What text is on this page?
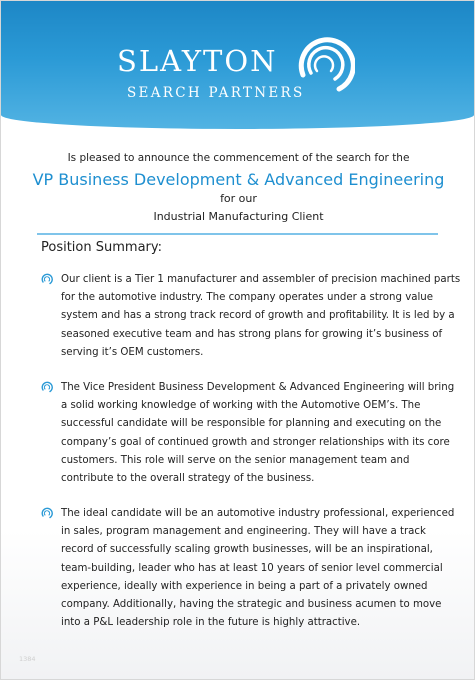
SLAYTON
SEARCH PARTNERS
Is pleased to announce the commencement of the search for the
VP Business Development & Advanced Engineering
for our
Industrial Manufacturing Client
Position Summary:

Our client is a Tier 1 manufacturer and assembler of precision machined parts for the automotive industry. The company operates under a strong value system and has a strong track record of growth and profitability. It is led by a seasoned executive team and has strong plans for growing it’s business of serving it’s OEM customers.

The Vice President Business Development & Advanced Engineering will bring a solid working knowledge of working with the Automotive OEM’s. The successful candidate will be responsible for planning and executing on the company’s goal of continued growth and stronger relationships with its core customers. This role will serve on the senior management team and contribute to the overall strategy of the business.

The ideal candidate will be an automotive industry professional, experienced in sales, program management and engineering. They will have a track record of successfully scaling growth businesses, will be an inspirational, team-building, leader who has at least 10 years of senior level commercial experience, ideally with experience in being a part of a privately owned company. Additionally, having the strategic and business acumen to move into a P&L leadership role in the future is highly attractive.

1384
